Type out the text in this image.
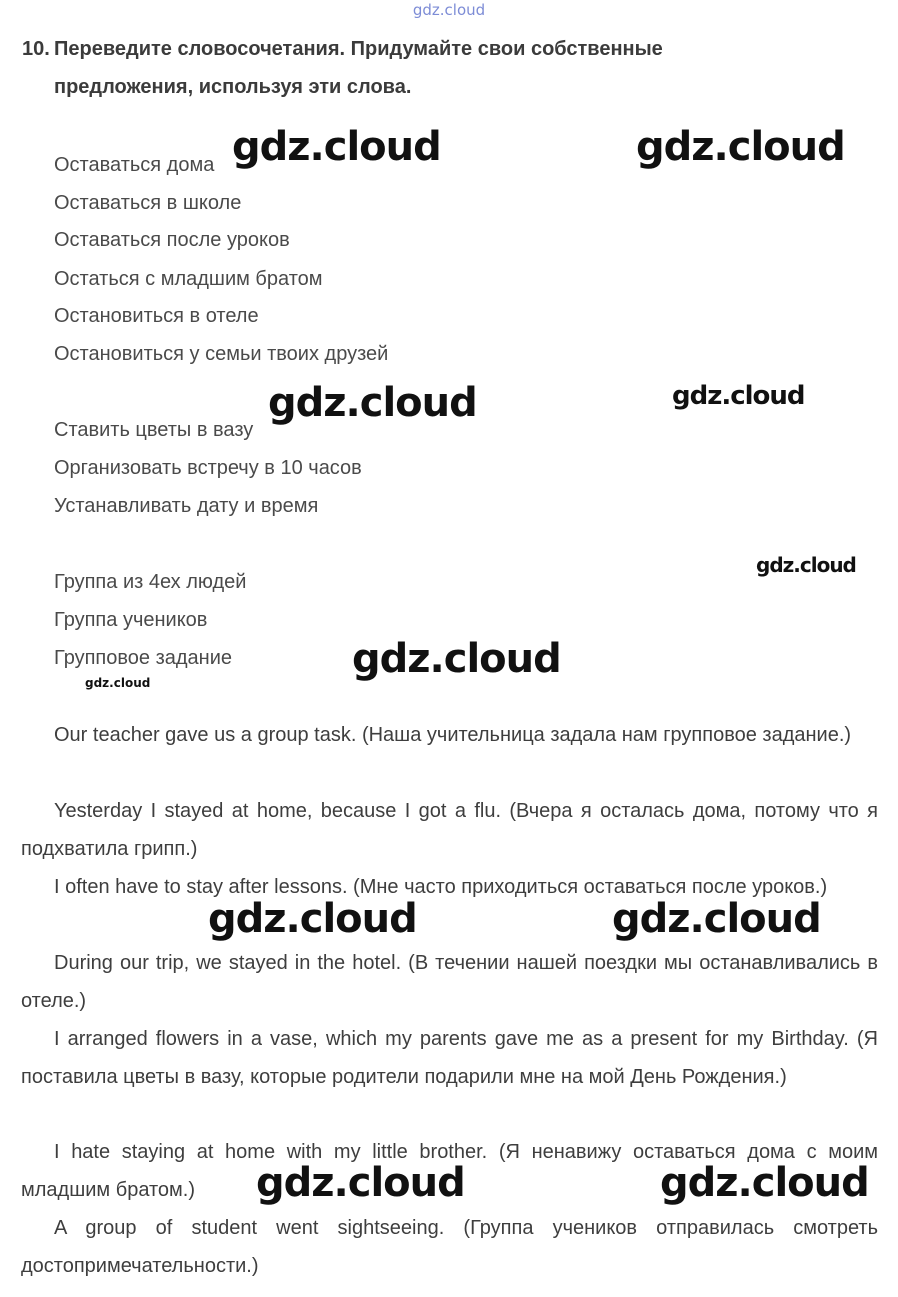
gdz.cloud
10. Переведите словосочетания. Придумайте свои собственные
предложения, используя эти слова.
Оставаться дома
Оставаться в школе
Оставаться после уроков
Остаться с младшим братом
Остановиться в отеле
Остановиться у семьи твоих друзей
Ставить цветы в вазу
Организовать встречу в 10 часов
Устанавливать дату и время
Группа из 4ех людей
Группа учеников
Групповое задание
Our teacher gave us a group task. (Наша учительница задала нам групповое задание.)
Yesterday I stayed at home, because I got a flu. (Вчера я осталась дома, потому что я подхватила грипп.)
I often have to stay after lessons. (Мне часто приходиться оставаться после уроков.)
During our trip, we stayed in the hotel. (В течении нашей поездки мы останавливались в отеле.)
I arranged flowers in a vase, which my parents gave me as a present for my Birthday. (Я поставила цветы в вазу, которые родители подарили мне на мой День Рождения.)
I hate staying at home with my little brother. (Я ненавижу оставаться дома с моим младшим братом.)
A group of student went sightseeing. (Группа учеников отправилась смотреть достопримечательности.)
gdz.cloud	gdz.cloud
gdz.cloud	gdz.cloud
gdz.cloud
gdz.cloud
gdz.cloud
gdz.cloud	gdz.cloud
gdz.cloud	gdz.cloud
